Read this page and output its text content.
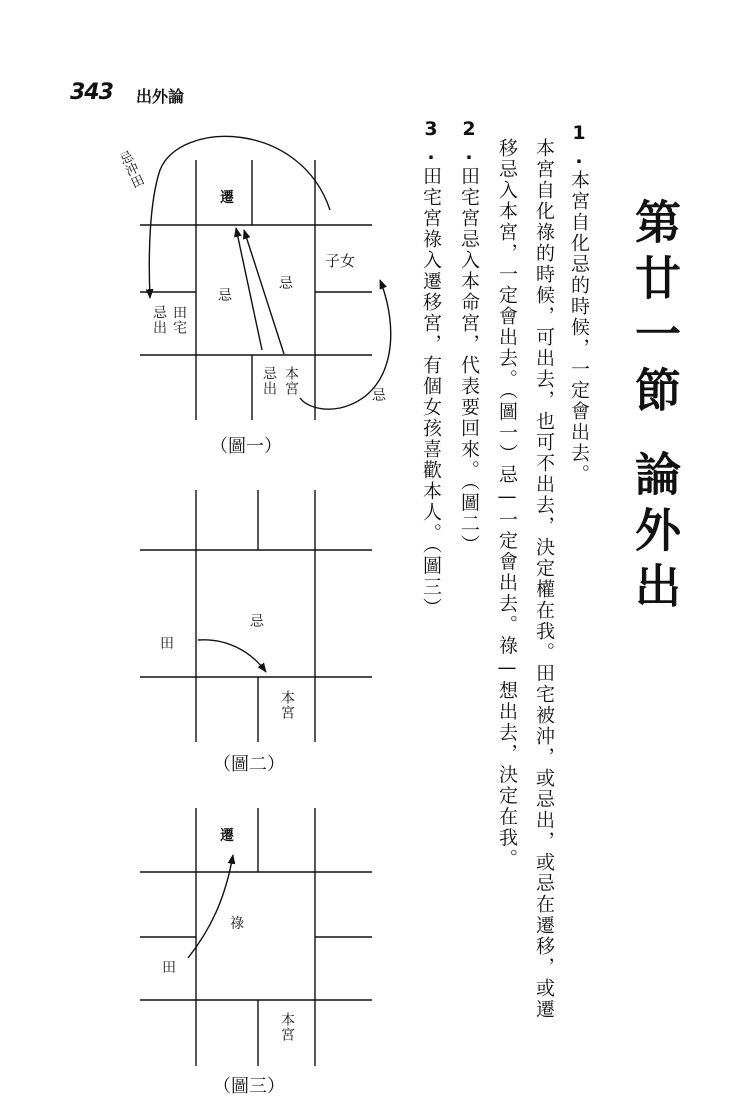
343 出外論
第廿一節論外出
1.本宮自化忌的時候，一定會出去。
本宮自化祿的時候，可出去，也可不出去，決定權在我。田宅被沖，或忌出，或忌在遷移，或遷
移忌入本宮，一定會出去。（圖一）忌—一定會出去。祿—想出去，決定在我。
2.田宅宮忌入本命宮，代表要回來。（圖二）
3.田宅宮祿入遷移宮，有個女孩喜歡本人。（圖三）
遷
忌
忌
子女
忌
田宅
忌出
本宮
忌出
忌沖田
（圖一）
忌
田
本宮
（圖二）
遷
祿
田
本宮
（圖三）
